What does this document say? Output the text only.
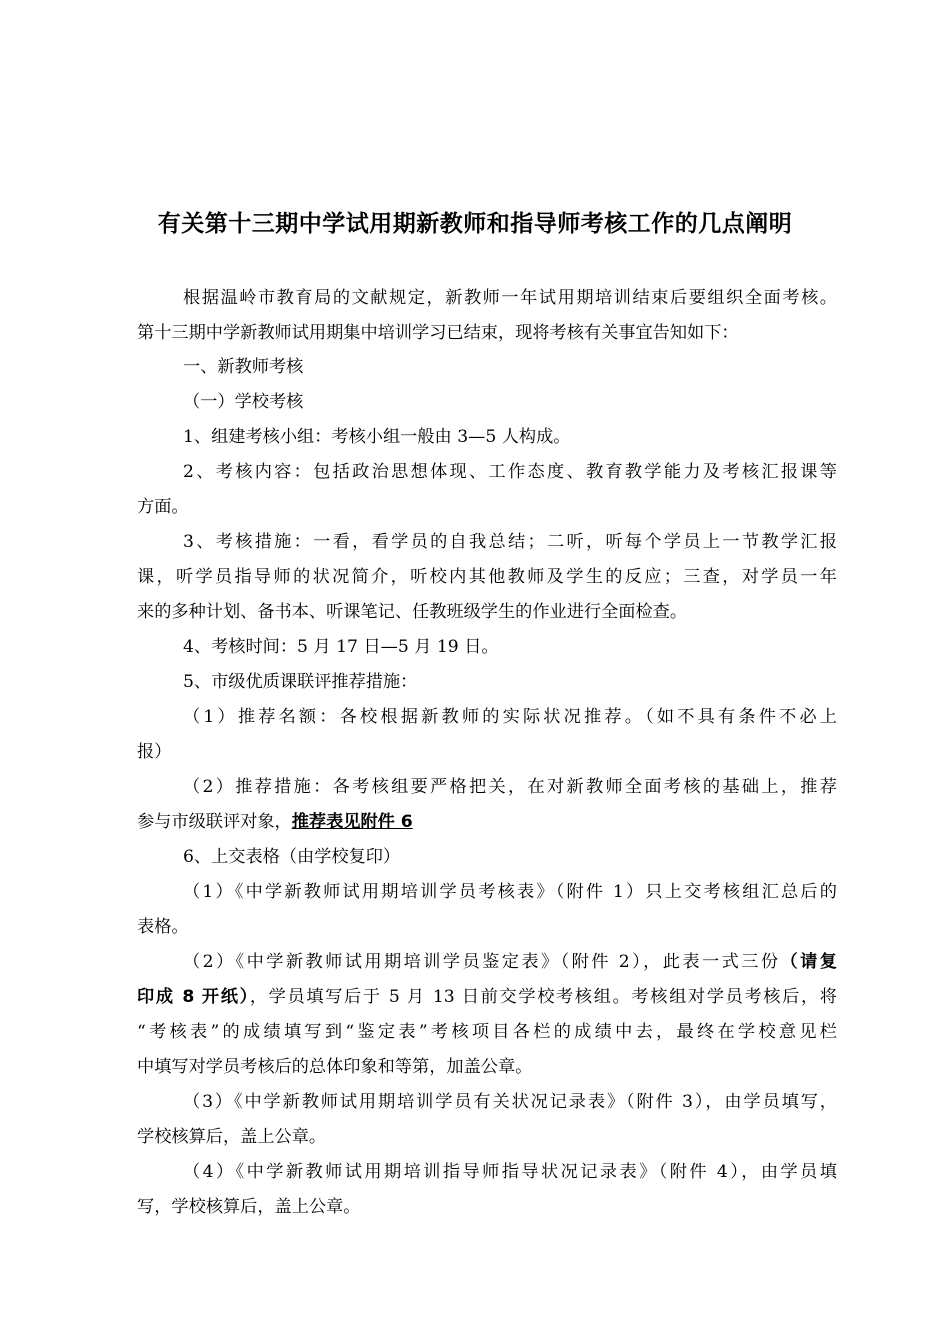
有关第十三期中学试用期新教师和指导师考核工作的几点阐明
根据温岭市教育局的文献规定，新教师一年试用期培训结束后要组织全面考核。
第十三期中学新教师试用期集中培训学习已结束，现将考核有关事宜告知如下：
一、新教师考核
（一）学校考核
1、组建考核小组：考核小组一般由 3—5 人构成。
2、考核内容：包括政治思想体现、工作态度、教育教学能力及考核汇报课等
方面。
3、考核措施：一看，看学员的自我总结；二听，听每个学员上一节教学汇报
课，听学员指导师的状况简介，听校内其他教师及学生的反应；三查，对学员一年
来的多种计划、备书本、听课笔记、任教班级学生的作业进行全面检查。
4、考核时间：5 月 17 日—5 月 19 日。
5、市级优质课联评推荐措施：
（1）推荐名额：各校根据新教师的实际状况推荐。（如不具有条件不必上
报）
（2）推荐措施：各考核组要严格把关，在对新教师全面考核的基础上，推荐
参与市级联评对象，推荐表见附件 6
6、上交表格（由学校复印）
（1）《中学新教师试用期培训学员考核表》（附件 1）只上交考核组汇总后的
表格。
（2）《中学新教师试用期培训学员鉴定表》（附件 2），此表一式三份（请复
印成 8 开纸），学员填写后于 5 月 13 日前交学校考核组。考核组对学员考核后，将
“考核表”的成绩填写到“鉴定表”考核项目各栏的成绩中去，最终在学校意见栏
中填写对学员考核后的总体印象和等第，加盖公章。
（3）《中学新教师试用期培训学员有关状况记录表》（附件 3），由学员填写，
学校核算后，盖上公章。
（4）《中学新教师试用期培训指导师指导状况记录表》（附件 4），由学员填
写，学校核算后，盖上公章。
